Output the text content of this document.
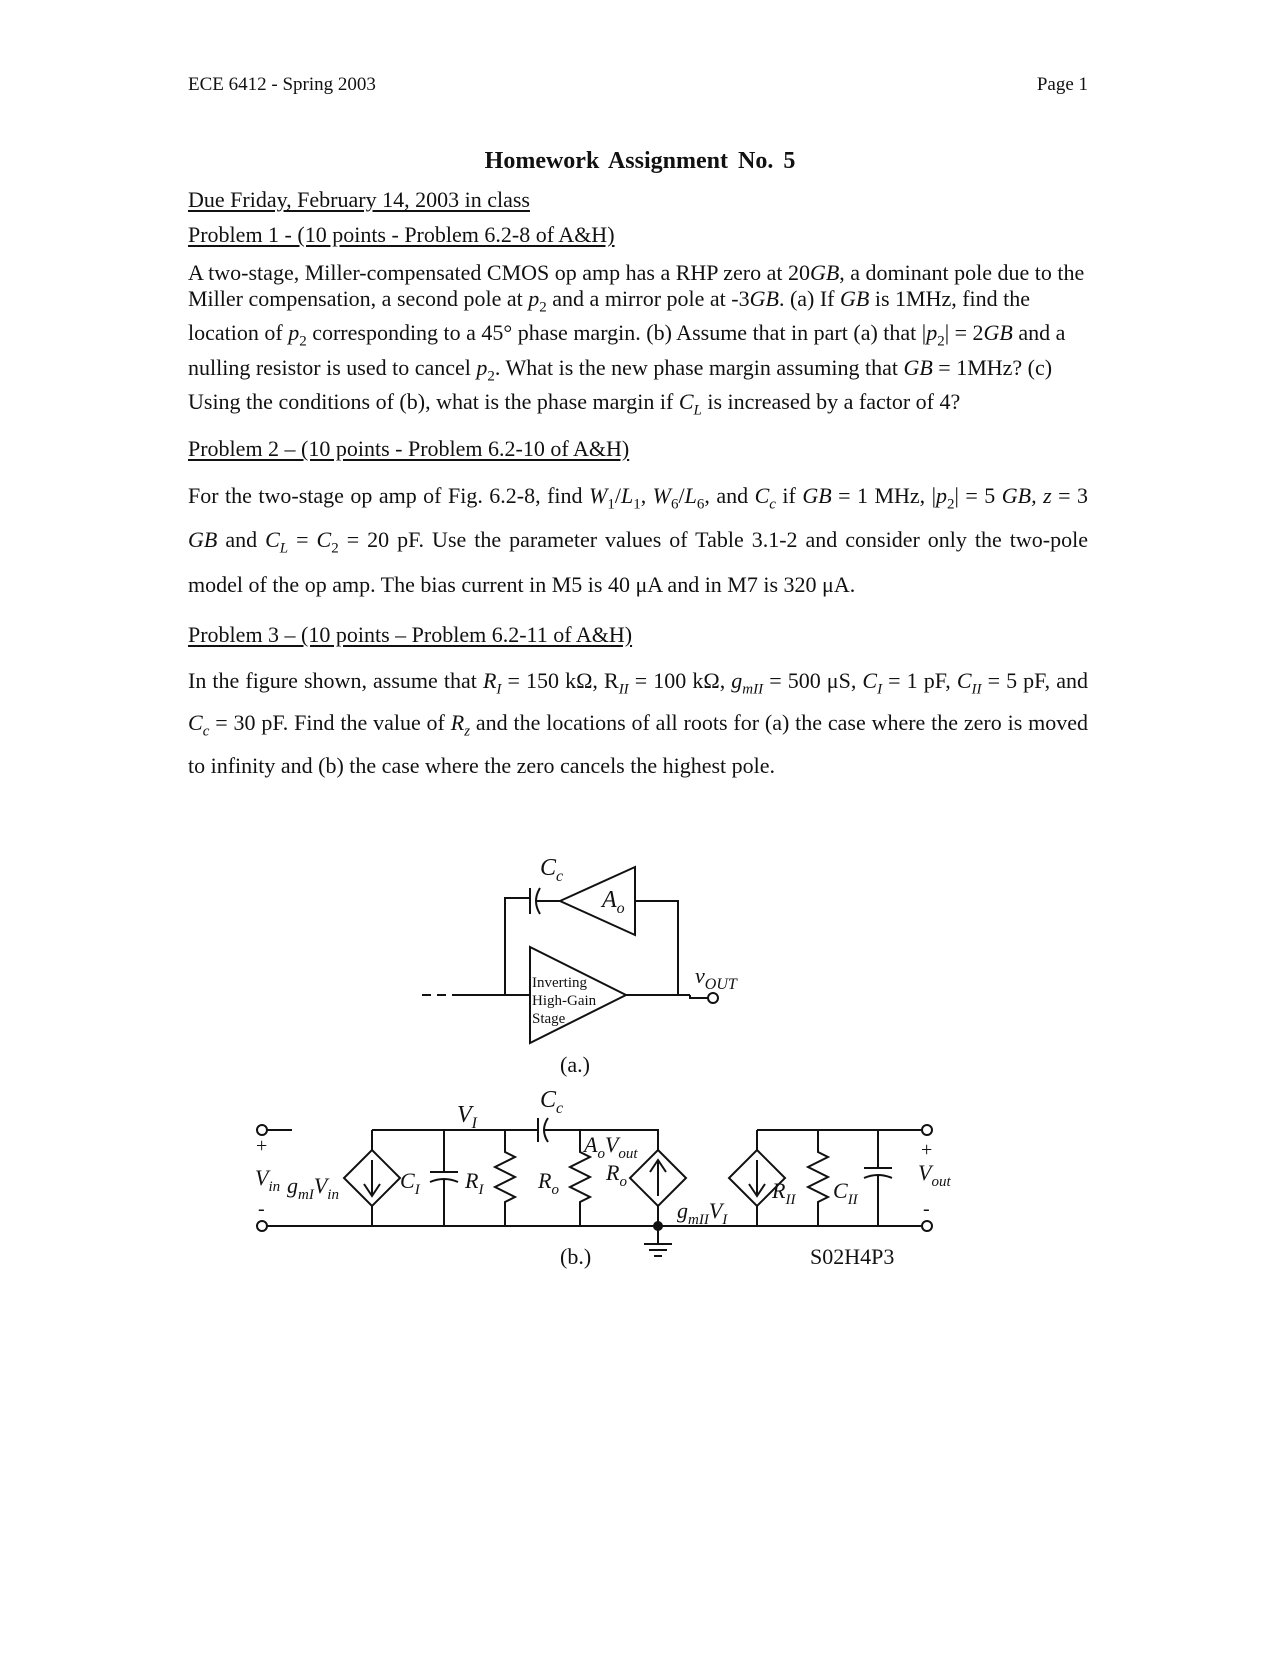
ECE 6412 - Spring 2003	Page 1
Homework Assignment No. 5
Due Friday, February 14, 2003 in class
Problem 1 - (10 points - Problem 6.2-8 of A&H)
A two-stage, Miller-compensated CMOS op amp has a RHP zero at 20GB, a dominant pole due to the Miller compensation, a second pole at $p_2$ and a mirror pole at -3GB. (a) If GB is 1MHz, find the location of $p_2$ corresponding to a 45° phase margin. (b) Assume that in part (a) that $|p_2| = 2GB$ and a nulling resistor is used to cancel $p_2$. What is the new phase margin assuming that GB = 1MHz? (c) Using the conditions of (b), what is the phase margin if $C_L$ is increased by a factor of 4?
Problem 2 – (10 points - Problem 6.2-10 of A&H)
For the two-stage op amp of Fig. 6.2-8, find $W_1/L_1$, $W_6/L_6$, and $C_c$ if GB = 1 MHz, $|p_2| = 5$ GB, z = 3 GB and $C_L = C_2 = 20$ pF. Use the parameter values of Table 3.1-2 and consider only the two-pole model of the op amp. The bias current in M5 is 40 μA and in M7 is 320 μA.
Problem 3 – (10 points – Problem 6.2-11 of A&H)
In the figure shown, assume that $R_I = 150$ kΩ, $R_{II} = 100$ kΩ, $g_{mII} = 500$ μS, $C_I = 1$ pF, $C_{II} = 5$ pF, and $C_c = 30$ pF. Find the value of $R_z$ and the locations of all roots for (a) the case where the zero is moved to infinity and (b) the case where the zero cancels the highest pole.
$C_c$
$A_o$
Inverting
High-Gain
Stage
$v_{OUT}$
(a.)
$C_c$
$V_I$
+
-
$V_{in}$ $g_{mI}V_{in}$
$C_I$ $R_I$ $R_o$
$A_oV_{out}$
$R_o$
(b.)
$g_{mII}V_I$
$R_{II}$ $C_{II}$
+
-
$V_{out}$
S02H4P3
